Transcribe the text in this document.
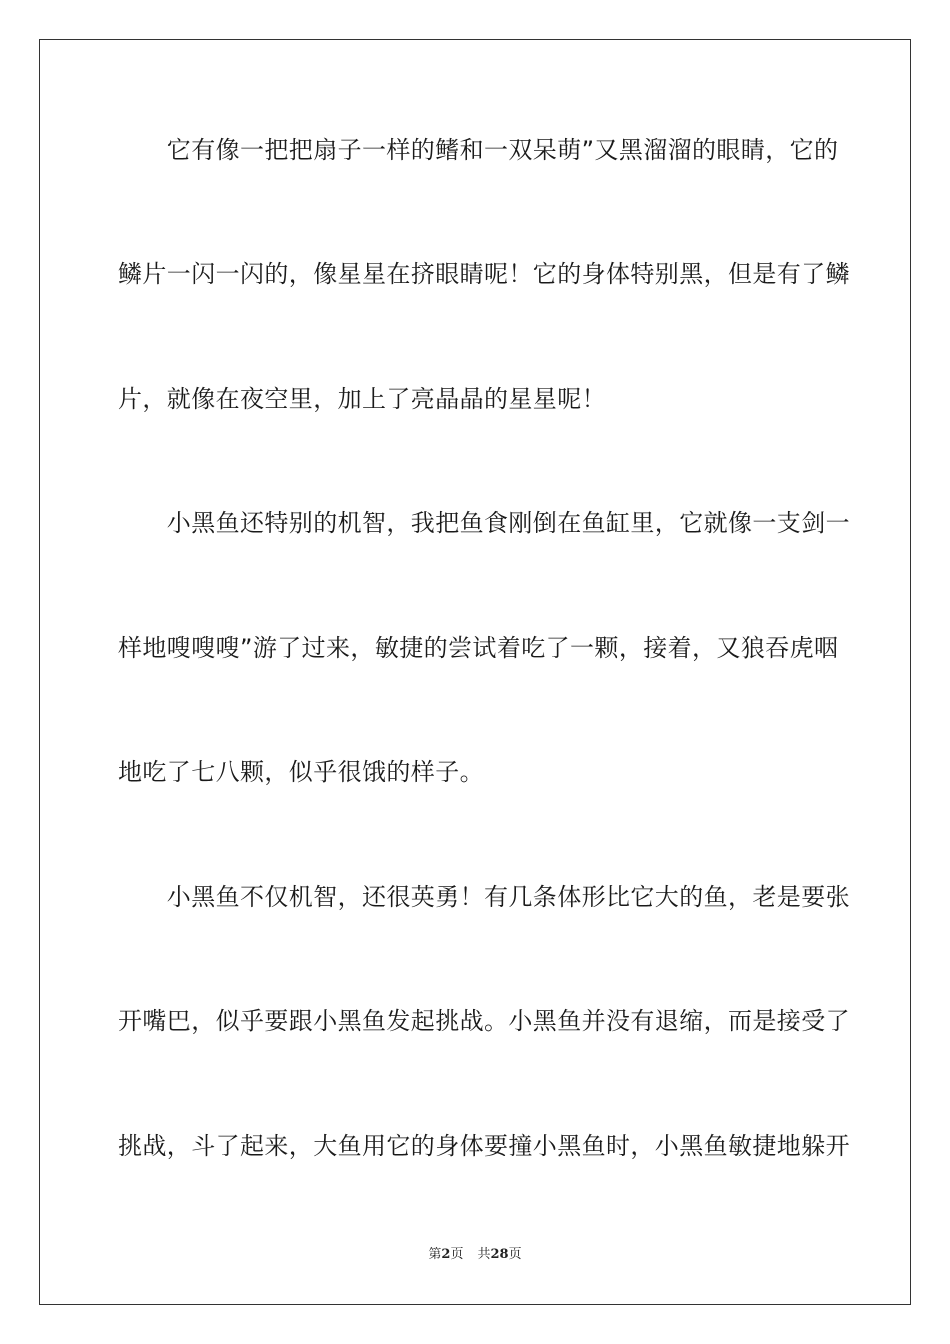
　　它有像一把把扇子一样的鳍和一双呆萌”又黑溜溜的眼睛，它的
鳞片一闪一闪的，像星星在挤眼睛呢！它的身体特别黑，但是有了鳞
片，就像在夜空里，加上了亮晶晶的星星呢！
　　小黑鱼还特别的机智，我把鱼食刚倒在鱼缸里，它就像一支剑一
样地嗖嗖嗖”游了过来，敏捷的尝试着吃了一颗，接着，又狼吞虎咽
地吃了七八颗，似乎很饿的样子。
　　小黑鱼不仅机智，还很英勇！有几条体形比它大的鱼，老是要张
开嘴巴，似乎要跟小黑鱼发起挑战。小黑鱼并没有退缩，而是接受了
挑战，斗了起来，大鱼用它的身体要撞小黑鱼时，小黑鱼敏捷地躲开
第2页 共28页
